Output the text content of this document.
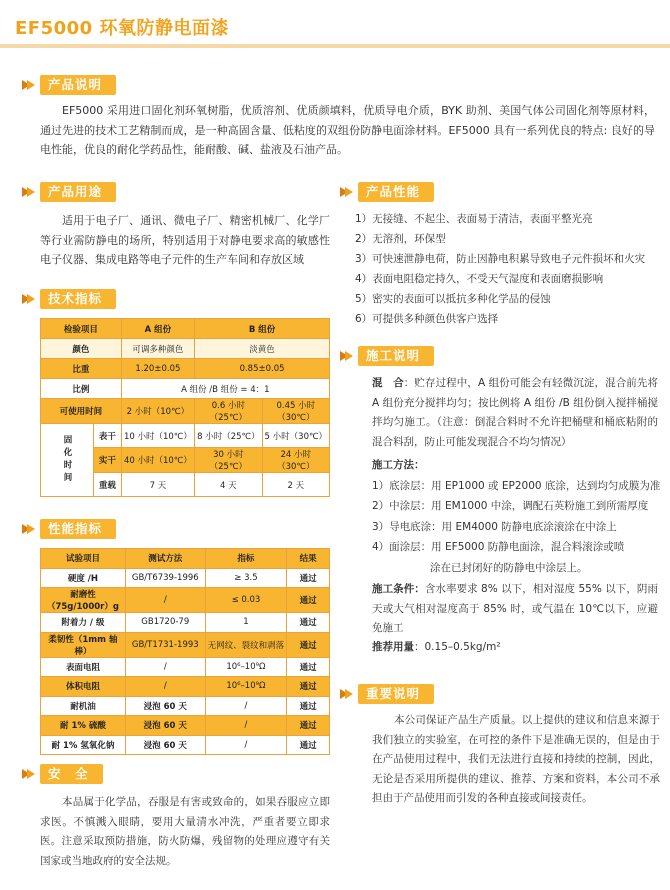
EF5000 环氧防静电面漆
产品说明
EF5000 采用进口固化剂环氧树脂，优质溶剂、优质颜填料，优质导电介质，BYK 助剂、美国气体公司固化剂等原材料，通过先进的技术工艺精制而成，是一种高固含量、低粘度的双组份防静电面涂材料。EF5000 具有一系列优良的特点: 良好的导电性能，优良的耐化学药品性，能耐酸、碱、盐液及石油产品。
产品用途
适用于电子厂、通讯、微电子厂、精密机械厂、化学厂等行业需防静电的场所，特别适用于对静电要求高的敏感性电子仪器、集成电路等电子元件的生产车间和存放区域
产品性能
1）无接缝、不起尘、表面易于清洁，表面平整光亮
2）无溶剂，环保型
3）可快速泄静电荷，防止因静电积累导致电子元件损坏和火灾
4）表面电阻稳定持久，不受天气湿度和表面磨损影响
5）密实的表面可以抵抗多种化学品的侵蚀
6）可提供多种颜色供客户选择
技术指标
检验项目		A 组份	B 组份	
颜色		可调多种颜色	淡黄色	
比重		1.20±0.05	0.85±0.05	
比例		A 组份 /B 组份 = 4：1		
可使用时间		2 小时（10℃）	0.6 小时（25℃）	0.45 小时（30℃）
固化时间	表干	10 小时（10℃）	8 小时（25℃）	5 小时（30℃）
	实干	40 小时（10℃）	30 小时（25℃）	24 小时（30℃）
	重载	7 天	4 天	2 天
施工说明
混　合：贮存过程中，A 组份可能会有轻微沉淀，混合前先将 A 组份充分搅拌均匀；按比例将 A 组份 /B 组份倒入搅拌桶搅拌均匀施工。（注意：倒混合料时不允许把桶壁和桶底粘附的混合料刮，防止可能发现混合不均匀情况）
施工方法：
1）底涂层：用 EP1000 或 EP2000 底涂，达到均匀成膜为准
2）中涂层：用 EM1000 中涂，调配石英粉施工到所需厚度
3）导电底涂：用 EM4000 防静电底涂滚涂在中涂上
4）面涂层：用 EF5000 防静电面涂，混合料滚涂或喷
涂在已封闭好的防静电中涂层上。
施工条件：含水率要求 8% 以下，相对湿度 55% 以下，阴雨天或大气相对湿度高于 85% 时，或气温在 10℃以下，应避免施工
推荐用量：0.15–0.5kg/m²
性能指标
试验项目	测试方法	指标	结果
硬度 /H	GB/T6739-1996	≥ 3.5	通过
耐磨性（75g/1000r）g	/	≤ 0.03	通过
附着力 / 级	GB1720-79	1	通过
柔韧性（1mm 轴棒）	GB/T1731-1993	无网纹、裂纹和剥落	通过
表面电阻	/	10⁶–10⁹Ω	通过
体积电阻	/	10⁶–10⁹Ω	通过
耐机油	浸泡 60 天	/	通过
耐 1% 硫酸	浸泡 60 天	/	通过
耐 1% 氢氧化钠	浸泡 60 天	/	通过
重要说明
本公司保证产品生产质量。以上提供的建议和信息来源于我们独立的实验室，在可控的条件下是准确无误的，但是由于在产品使用过程中，我们无法进行直接和持续的控制，因此，无论是否采用所提供的建议、推荐、方案和资料，本公司不承担由于产品使用而引发的各种直接或间接责任。
安　全
本品属于化学品，吞服是有害或致命的，如果吞服应立即求医。不慎溅入眼睛，要用大量清水冲洗，严重者要立即求医。注意采取预防措施，防火防爆，残留物的处理应遵守有关国家或当地政府的安全法规。
